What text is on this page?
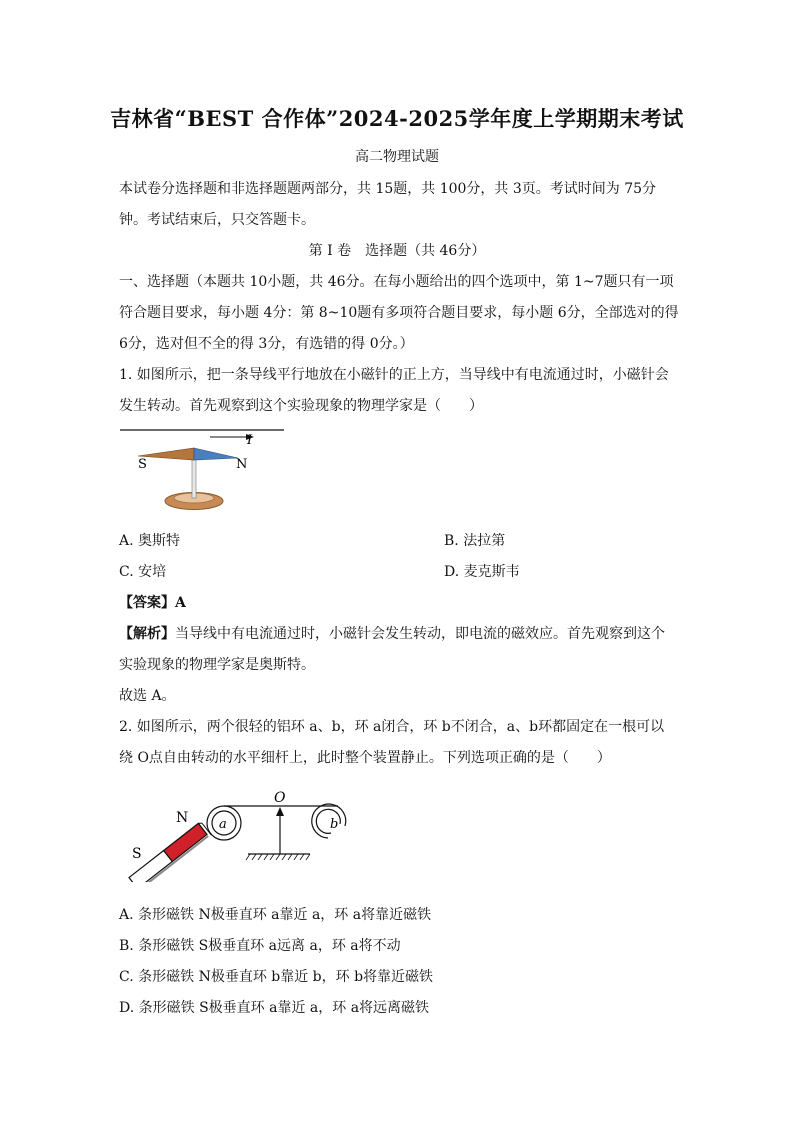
吉林省“BEST 合作体”2024-2025学年度上学期期末考试
高二物理试题
本试卷分选择题和非选择题题两部分，共 15题，共 100分，共 3页。考试时间为 75分
钟。考试结束后，只交答题卡。
第 I 卷　选择题（共 46分）
一、选择题（本题共 10小题，共 46分。在每小题给出的四个选项中，第 1~7题只有一项
符合题目要求，每小题 4分：第 8~10题有多项符合题目要求，每小题 6分，全部选对的得
6分，选对但不全的得 3分，有选错的得 0分。）
1. 如图所示，把一条导线平行地放在小磁针的正上方，当导线中有电流通过时，小磁针会
发生转动。首先观察到这个实验现象的物理学家是（　　）
I
S	N
A. 奥斯特	B. 法拉第
C. 安培	D. 麦克斯韦
【答案】A
【解析】当导线中有电流通过时，小磁针会发生转动，即电流的磁效应。首先观察到这个
实验现象的物理学家是奥斯特。
故选 A。
2. 如图所示，两个很轻的铝环 a、b，环 a闭合，环 b不闭合，a、b环都固定在一根可以
绕 O点自由转动的水平细杆上，此时整个装置静止。下列选项正确的是（　　）
a	b
O
N
S
A. 条形磁铁 N极垂直环 a靠近 a，环 a将靠近磁铁
B. 条形磁铁 S极垂直环 a远离 a，环 a将不动
C. 条形磁铁 N极垂直环 b靠近 b，环 b将靠近磁铁
D. 条形磁铁 S极垂直环 a靠近 a，环 a将远离磁铁
